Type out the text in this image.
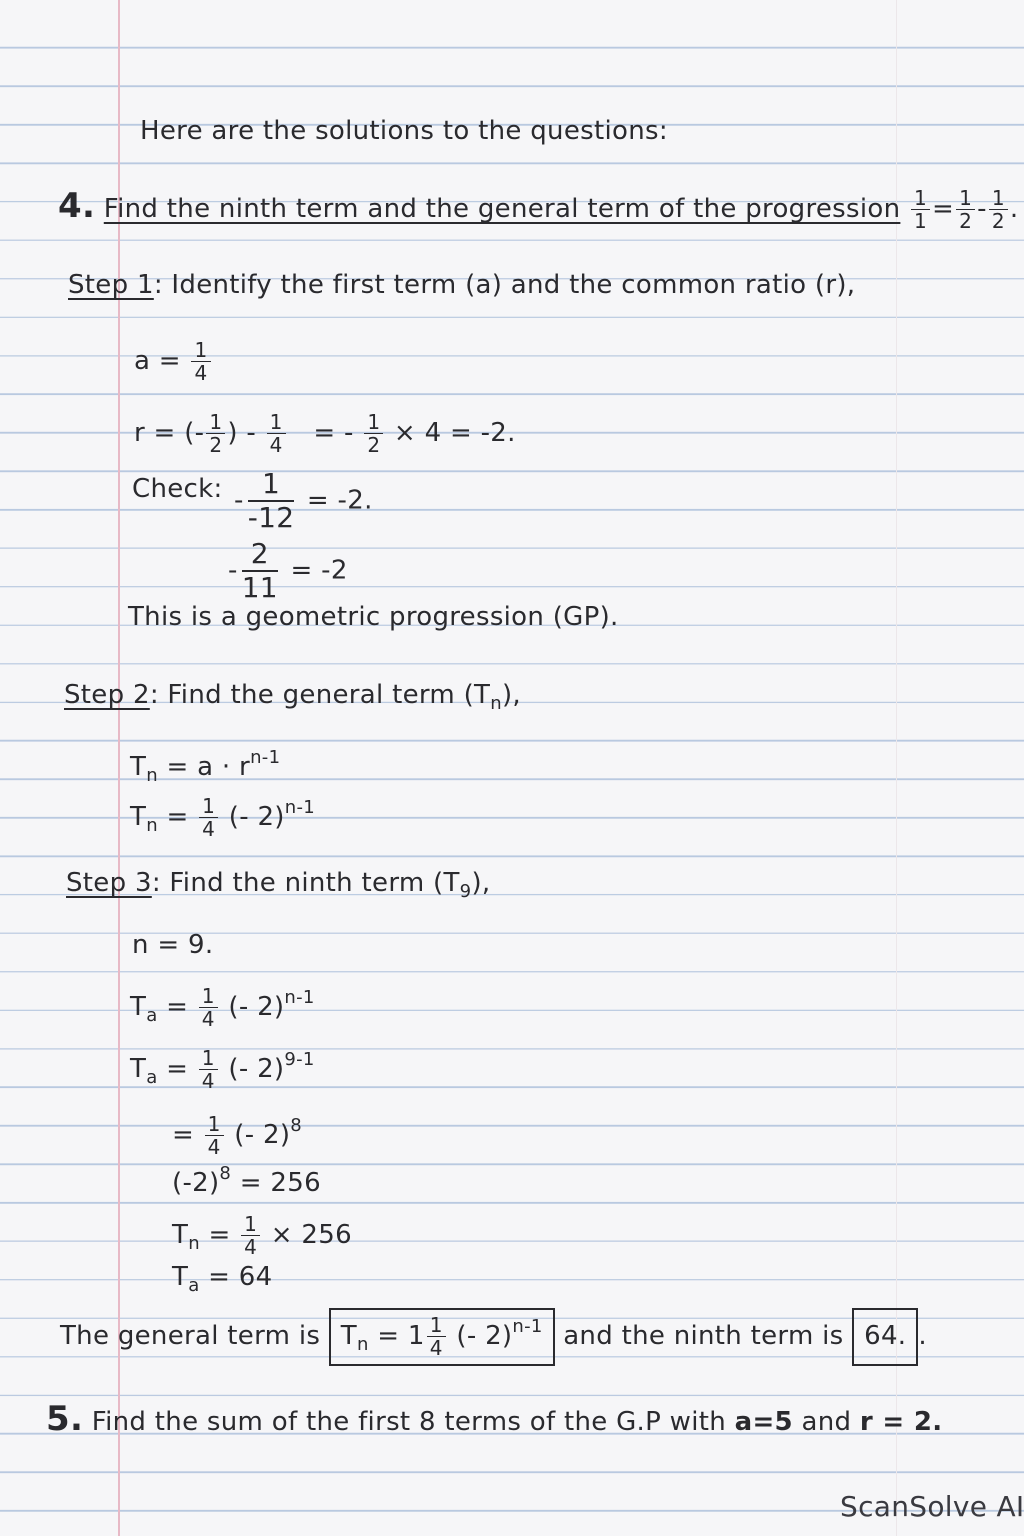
Here are the solutions to the questions:
4. Find the ninth term and the general term of the progression $\frac{1}{1} = \frac{1}{2} - \frac{1}{2}$ .
Step 1: Identify the first term (a) and the common ratio (r),
$a = \frac{1}{4}$
r = (- $\frac{1}{2}$ ) - $\frac{1}{4}$ = - $\frac{1}{2} \times 4 = -2$.
Check: - $\frac{1}{-12} = -2$.
- $\frac{2}{11} = -2$
This is a geometric progression (GP).
Step 2: Find the general term $(T_n)$,
$T_n = a \cdot r^{n-1}$
$T_n = \frac{1}{4}$ (- 2)$^{n-1}$
Step 3: Find the ninth term $(T_9)$,
n = 9.
$T_a = \frac{1}{4}$ (- 2)$^{n-1}$
$T_a = \frac{1}{4}$ (- 2)$^{9-1}$
= $\frac{1}{4}$ (- 2)$^8$
$(-2)^8 = 256$
$T_n = \frac{1}{4} \times 256$
$T_a = 64$
The general term is $T_n = 1 \frac{1}{4}$ (- 2)$^{n-1}$ and the ninth term is 64. .
5. Find the sum of the first 8 terms of the G.P with a=5 and r = 2.
ScanSolve AI
